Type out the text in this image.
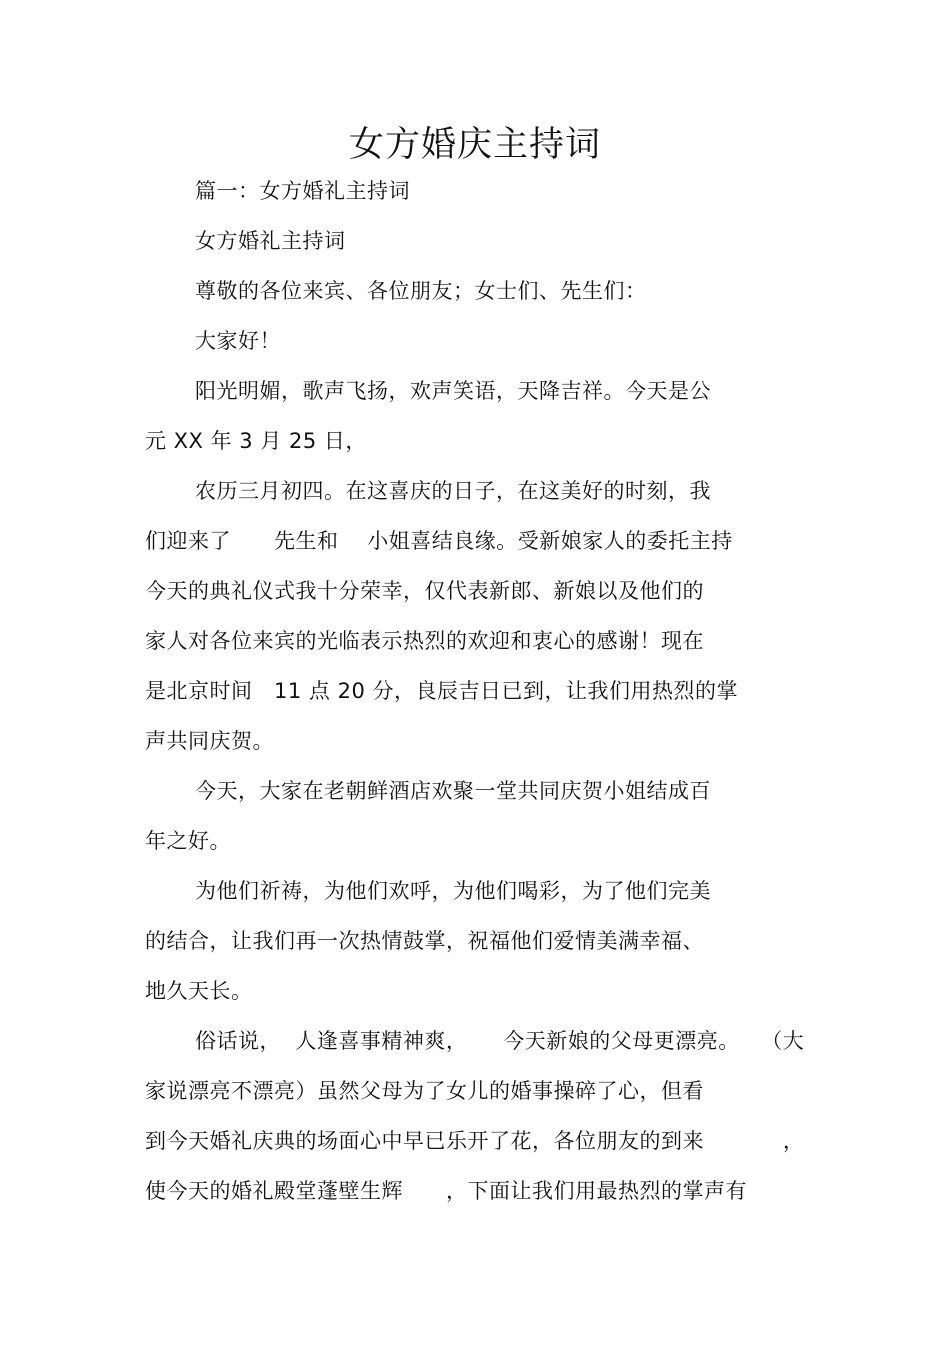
女方婚庆主持词
篇一：女方婚礼主持词
女方婚礼主持词
尊敬的各位来宾、各位朋友；女士们、先生们：
大家好！
阳光明媚，歌声飞扬，欢声笑语，天降吉祥。今天是公
元 XX 年 3 月 25 日，
农历三月初四。在这喜庆的日子，在这美好的时刻，我
们迎来了      先生和    小姐喜结良缘。受新娘家人的委托主持
今天的典礼仪式我十分荣幸，仅代表新郎、新娘以及他们的
家人对各位来宾的光临表示热烈的欢迎和衷心的感谢！现在
是北京时间   11 点 20 分，良辰吉日已到，让我们用热烈的掌
声共同庆贺。
今天，大家在老朝鲜酒店欢聚一堂共同庆贺小姐结成百
年之好。
为他们祈祷，为他们欢呼，为他们喝彩，为了他们完美
的结合，让我们再一次热情鼓掌，祝福他们爱情美满幸福、
地久天长。
俗话说，  人逢喜事精神爽，     今天新娘的父母更漂亮。   （大
家说漂亮不漂亮）虽然父母为了女儿的婚事操碎了心，但看
到今天婚礼庆典的场面心中早已乐开了花，各位朋友的到来           ，
使今天的婚礼殿堂蓬壁生辉      ，下面让我们用最热烈的掌声有
